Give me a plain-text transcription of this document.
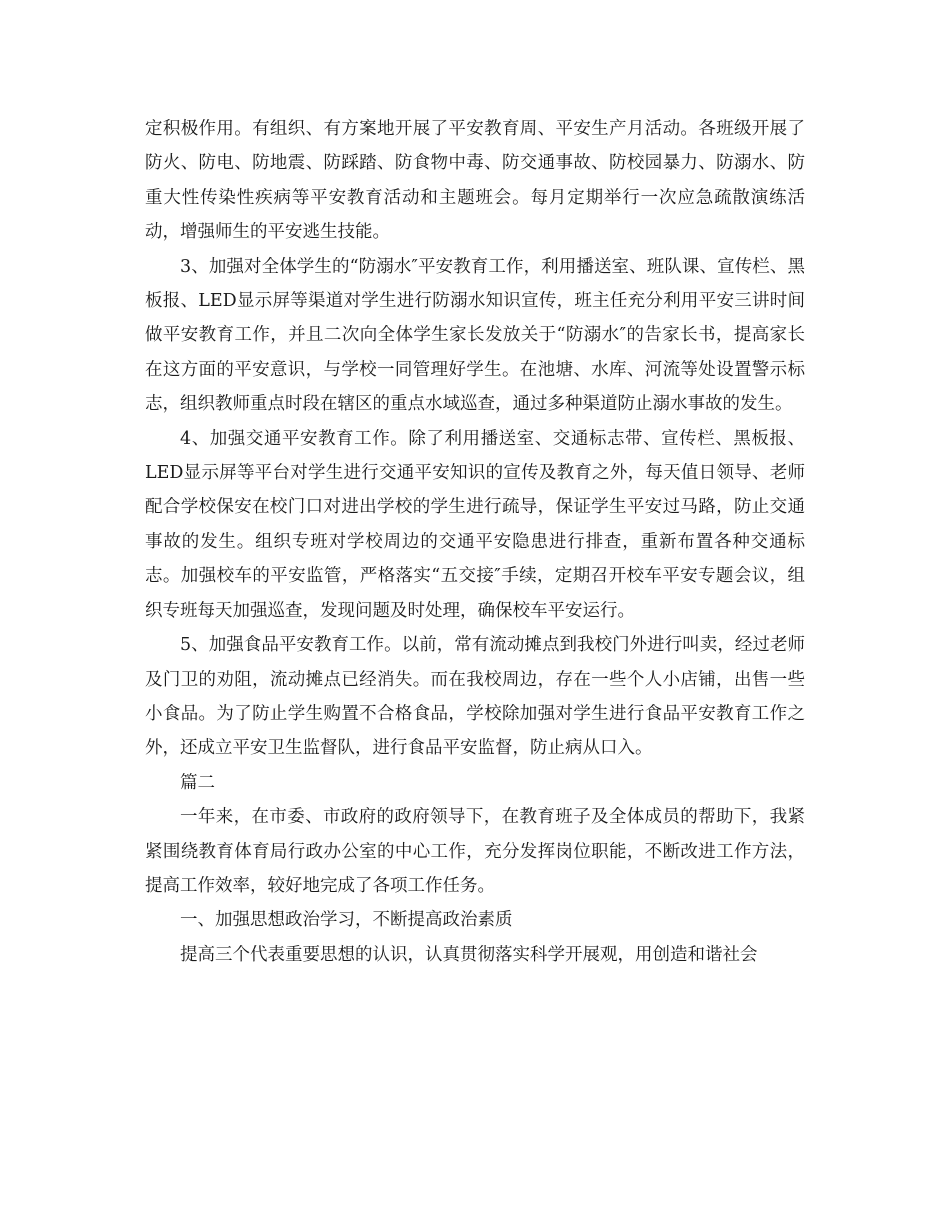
定积极作用。有组织、有方案地开展了平安教育周、平安生产月活动。各班级开展了防火、防电、防地震、防踩踏、防食物中毒、防交通事故、防校园暴力、防溺水、防重大性传染性疾病等平安教育活动和主题班会。每月定期举行一次应急疏散演练活动，增强师生的平安逃生技能。

3、加强对全体学生的“防溺水″平安教育工作，利用播送室、班队课、宣传栏、黑板报、LED显示屏等渠道对学生进行防溺水知识宣传，班主任充分利用平安三讲时间做平安教育工作，并且二次向全体学生家长发放关于“防溺水″的告家长书，提高家长在这方面的平安意识，与学校一同管理好学生。在池塘、水库、河流等处设置警示标志，组织教师重点时段在辖区的重点水域巡查，通过多种渠道防止溺水事故的发生。

4、加强交通平安教育工作。除了利用播送室、交通标志带、宣传栏、黑板报、LED显示屏等平台对学生进行交通平安知识的宣传及教育之外，每天值日领导、老师配合学校保安在校门口对进出学校的学生进行疏导，保证学生平安过马路，防止交通事故的发生。组织专班对学校周边的交通平安隐患进行排查，重新布置各种交通标志。加强校车的平安监管，严格落实“五交接″手续，定期召开校车平安专题会议，组织专班每天加强巡查，发现问题及时处理，确保校车平安运行。

5、加强食品平安教育工作。以前，常有流动摊点到我校门外进行叫卖，经过老师及门卫的劝阻，流动摊点已经消失。而在我校周边，存在一些个人小店铺，出售一些小食品。为了防止学生购置不合格食品，学校除加强对学生进行食品平安教育工作之外，还成立平安卫生监督队，进行食品平安监督，防止病从口入。

篇二

一年来，在市委、市政府的政府领导下，在教育班子及全体成员的帮助下，我紧紧围绕教育体育局行政办公室的中心工作，充分发挥岗位职能，不断改进工作方法，提高工作效率，较好地完成了各项工作任务。

一、加强思想政治学习，不断提高政治素质

提高三个代表重要思想的认识，认真贯彻落实科学开展观，用创造和谐社会
